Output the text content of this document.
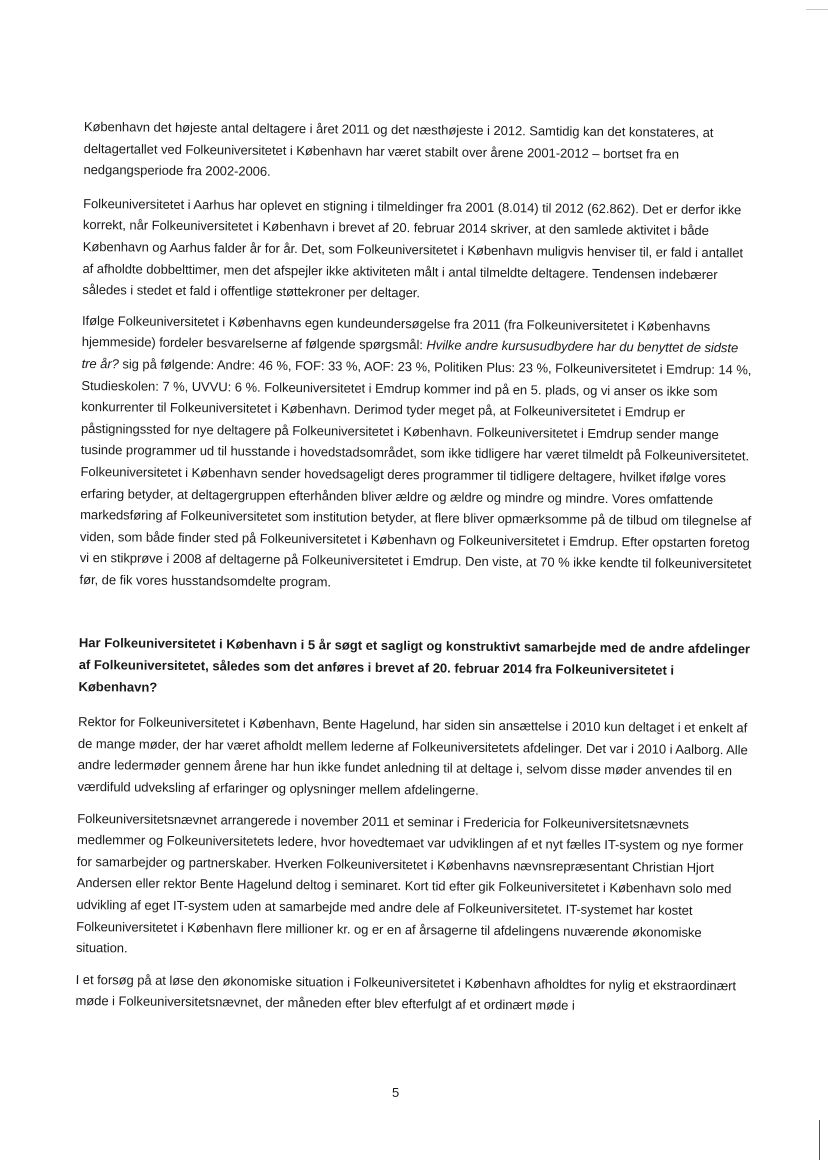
København det højeste antal deltagere i året 2011 og det næsthøjeste i 2012. Samtidig kan det konstateres, at deltagertallet ved Folkeuniversitetet i København har været stabilt over årene 2001-2012 – bortset fra en nedgangsperiode fra 2002-2006.

Folkeuniversitetet i Aarhus har oplevet en stigning i tilmeldinger fra 2001 (8.014) til 2012 (62.862). Det er derfor ikke korrekt, når Folkeuniversitetet i København i brevet af 20. februar 2014 skriver, at den samlede aktivitet i både København og Aarhus falder år for år. Det, som Folkeuniversitetet i København muligvis henviser til, er fald i antallet af afholdte dobbelttimer, men det afspejler ikke aktiviteten målt i antal tilmeldte deltagere. Tendensen indebærer således i stedet et fald i offentlige støttekroner per deltager.

Ifølge Folkeuniversitetet i Københavns egen kundeundersøgelse fra 2011 (fra Folkeuniversitetet i Københavns hjemmeside) fordeler besvarelserne af følgende spørgsmål: Hvilke andre kursusudbydere har du benyttet de sidste tre år? sig på følgende: Andre: 46 %, FOF: 33 %, AOF: 23 %, Politiken Plus: 23 %, Folkeuniversitetet i Emdrup: 14 %, Studieskolen: 7 %, UVVU: 6 %. Folkeuniversitetet i Emdrup kommer ind på en 5. plads, og vi anser os ikke som konkurrenter til Folkeuniversitetet i København. Derimod tyder meget på, at Folkeuniversitetet i Emdrup er påstigningssted for nye deltagere på Folkeuniversitetet i København. Folkeuniversitetet i Emdrup sender mange tusinde programmer ud til husstande i hovedstadsområdet, som ikke tidligere har været tilmeldt på Folkeuniversitetet. Folkeuniversitetet i København sender hovedsageligt deres programmer til tidligere deltagere, hvilket ifølge vores erfaring betyder, at deltagergruppen efterhånden bliver ældre og ældre og mindre og mindre. Vores omfattende markedsføring af Folkeuniversitetet som institution betyder, at flere bliver opmærksomme på de tilbud om tilegnelse af viden, som både finder sted på Folkeuniversitetet i København og Folkeuniversitetet i Emdrup. Efter opstarten foretog vi en stikprøve i 2008 af deltagerne på Folkeuniversitetet i Emdrup. Den viste, at 70 % ikke kendte til folkeuniversitetet før, de fik vores husstandsomdelte program.

Har Folkeuniversitetet i København i 5 år søgt et sagligt og konstruktivt samarbejde med de andre afdelinger af Folkeuniversitetet, således som det anføres i brevet af 20. februar 2014 fra Folkeuniversitetet i København?

Rektor for Folkeuniversitetet i København, Bente Hagelund, har siden sin ansættelse i 2010 kun deltaget i et enkelt af de mange møder, der har været afholdt mellem lederne af Folkeuniversitetets afdelinger. Det var i 2010 i Aalborg. Alle andre ledermøder gennem årene har hun ikke fundet anledning til at deltage i, selvom disse møder anvendes til en værdifuld udveksling af erfaringer og oplysninger mellem afdelingerne.

Folkeuniversitetsnævnet arrangerede i november 2011 et seminar i Fredericia for Folkeuniversitetsnævnets medlemmer og Folkeuniversitetets ledere, hvor hovedtemaet var udviklingen af et nyt fælles IT-system og nye former for samarbejder og partnerskaber. Hverken Folkeuniversitetet i Københavns nævnsrepræsentant Christian Hjort Andersen eller rektor Bente Hagelund deltog i seminaret. Kort tid efter gik Folkeuniversitetet i København solo med udvikling af eget IT-system uden at samarbejde med andre dele af Folkeuniversitetet. IT-systemet har kostet Folkeuniversitetet i København flere millioner kr. og er en af årsagerne til afdelingens nuværende økonomiske situation.

I et forsøg på at løse den økonomiske situation i Folkeuniversitetet i København afholdtes for nylig et ekstraordinært møde i Folkeuniversitetsnævnet, der måneden efter blev efterfulgt af et ordinært møde i

5
